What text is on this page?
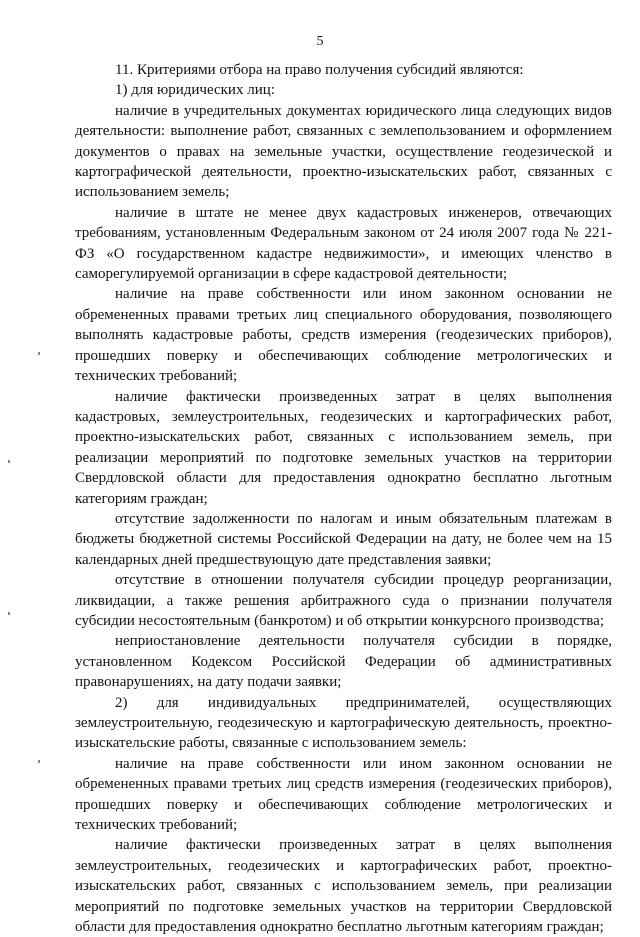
5

11. Критериями отбора на право получения субсидий являются:

1) для юридических лиц:

наличие в учредительных документах юридического лица следующих видов деятельности: выполнение работ, связанных с землепользованием и оформлением документов о правах на земельные участки, осуществление геодезической и картографической деятельности, проектно-изыскательских работ, связанных с использованием земель;

наличие в штате не менее двух кадастровых инженеров, отвечающих требованиям, установленным Федеральным законом от 24 июля 2007 года № 221-ФЗ «О государственном кадастре недвижимости», и имеющих членство в саморегулируемой организации в сфере кадастровой деятельности;

наличие на праве собственности или ином законном основании не обремененных правами третьих лиц специального оборудования, позволяющего выполнять кадастровые работы, средств измерения (геодезических приборов), прошедших поверку и обеспечивающих соблюдение метрологических и технических требований;

наличие фактически произведенных затрат в целях выполнения кадастровых, землеустроительных, геодезических и картографических работ, проектно-изыскательских работ, связанных с использованием земель, при реализации мероприятий по подготовке земельных участков на территории Свердловской области для предоставления однократно бесплатно льготным категориям граждан;

отсутствие задолженности по налогам и иным обязательным платежам в бюджеты бюджетной системы Российской Федерации на дату, не более чем на 15 календарных дней предшествующую дате представления заявки;

отсутствие в отношении получателя субсидии процедур реорганизации, ликвидации, а также решения арбитражного суда о признании получателя субсидии несостоятельным (банкротом) и об открытии конкурсного производства;

неприостановление деятельности получателя субсидии в порядке, установленном Кодексом Российской Федерации об административных правонарушениях, на дату подачи заявки;

2) для индивидуальных предпринимателей, осуществляющих землеустроительную, геодезическую и картографическую деятельность, проектно-изыскательские работы, связанные с использованием земель:

наличие на праве собственности или ином законном основании не обремененных правами третьих лиц средств измерения (геодезических приборов), прошедших поверку и обеспечивающих соблюдение метрологических и технических требований;

наличие фактически произведенных затрат в целях выполнения землеустроительных, геодезических и картографических работ, проектно-изыскательских работ, связанных с использованием земель, при реализации мероприятий по подготовке земельных участков на территории Свердловской области для предоставления однократно бесплатно льготным категориям граждан;
